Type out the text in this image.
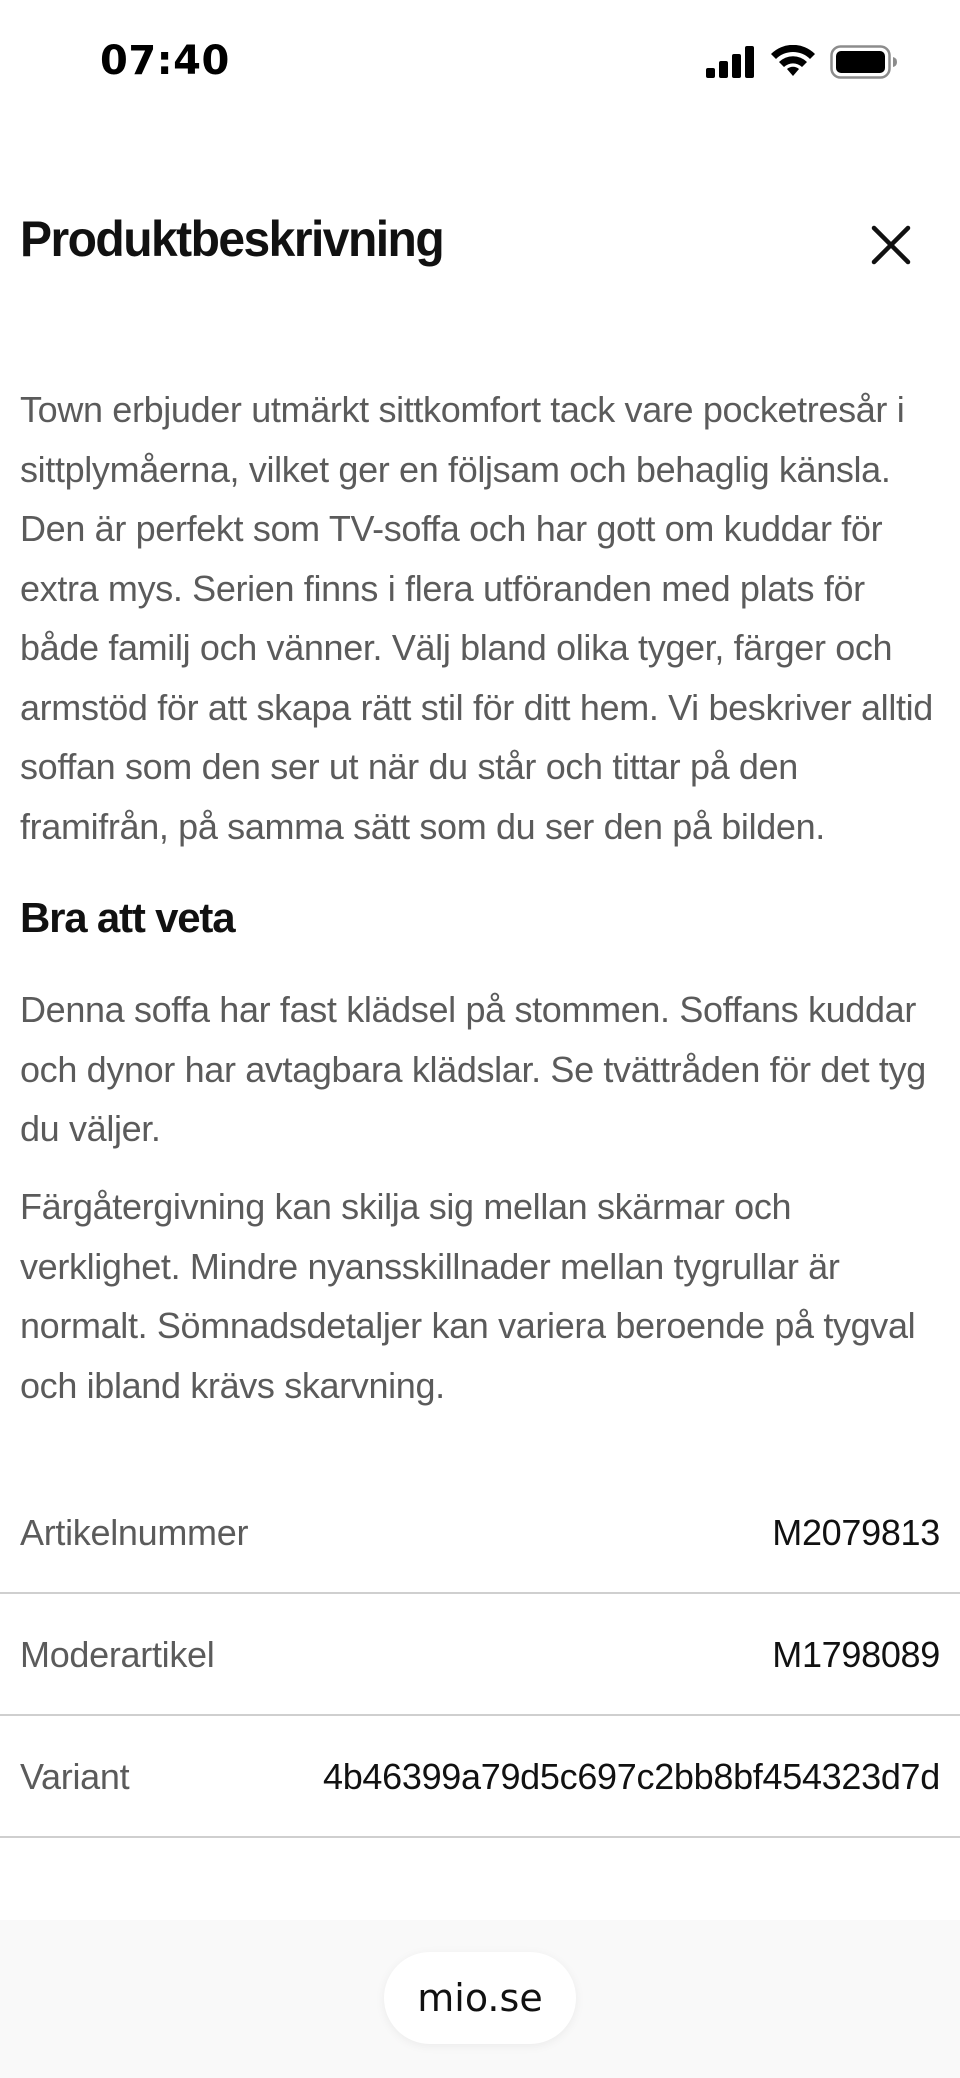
07:40
Produktbeskrivning

Town erbjuder utmärkt sittkomfort tack vare pocketresår i sittplymåerna, vilket ger en följsam och behaglig känsla. Den är perfekt som TV-soffa och har gott om kuddar för extra mys. Serien finns i flera utföranden med plats för både familj och vänner. Välj bland olika tyger, färger och armstöd för att skapa rätt stil för ditt hem. Vi beskriver alltid soffan som den ser ut när du står och tittar på den framifrån, på samma sätt som du ser den på bilden.

Bra att veta

Denna soffa har fast klädsel på stommen. Soffans kuddar och dynor har avtagbara klädslar. Se tvättråden för det tyg du väljer.

Färgåtergivning kan skilja sig mellan skärmar och verklighet. Mindre nyansskillnader mellan tygrullar är normalt. Sömnadsdetaljer kan variera beroende på tygval och ibland krävs skarvning.

Artikelnummer	M2079813
Moderartikel	M1798089
Variant	4b46399a79d5c697c2bb8bf454323d7d
mio.se
